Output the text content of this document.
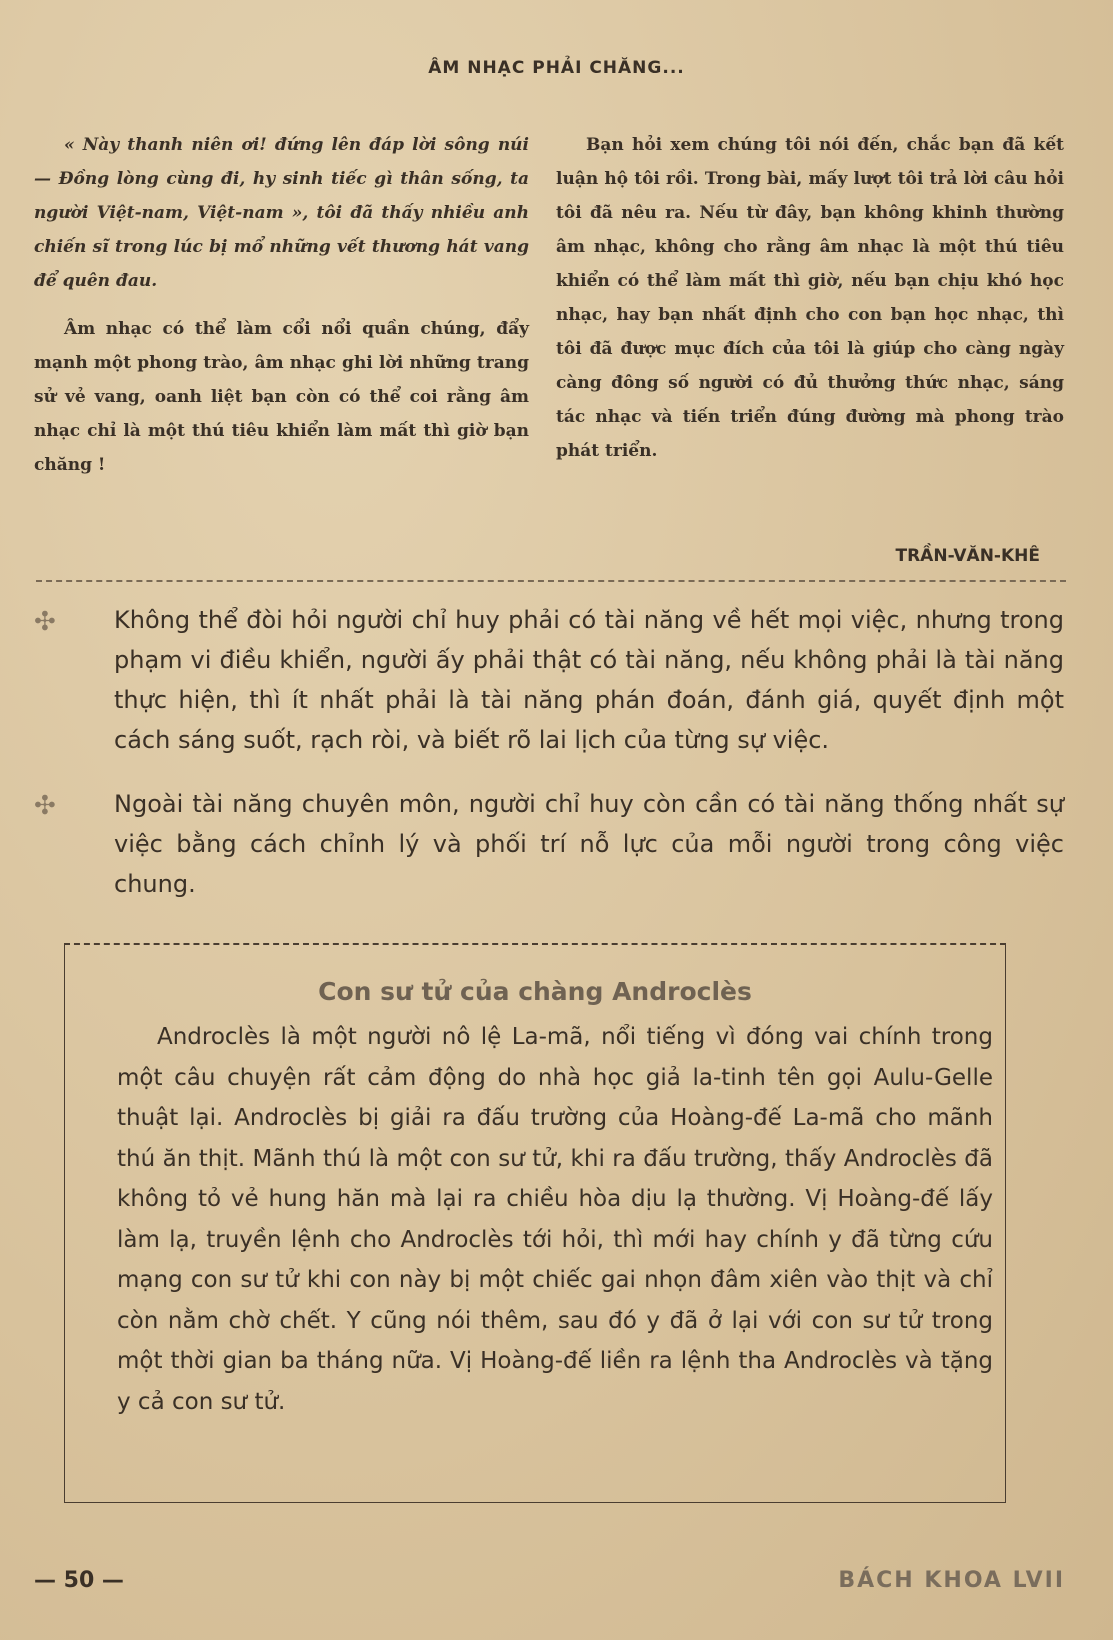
ÂM NHẠC PHẢI CHĂNG...

« Này thanh niên ơi! đứng lên đáp lời sông núi — Đồng lòng cùng đi, hy sinh tiếc gì thân sống, ta người Việt-nam, Việt-nam », tôi đã thấy nhiều anh chiến sĩ trong lúc bị mổ những vết thương hát vang để quên đau.

Âm nhạc có thể làm cổi nổi quần chúng, đẩy mạnh một phong trào, âm nhạc ghi lời những trang sử vẻ vang, oanh liệt bạn còn có thể coi rằng âm nhạc chỉ là một thú tiêu khiển làm mất thì giờ bạn chăng !

Bạn hỏi xem chúng tôi nói đến, chắc bạn đã kết luận hộ tôi rồi. Trong bài, mấy lượt tôi trả lời câu hỏi tôi đã nêu ra. Nếu từ đây, bạn không khinh thường âm nhạc, không cho rằng âm nhạc là một thú tiêu khiển có thể làm mất thì giờ, nếu bạn chịu khó học nhạc, hay bạn nhất định cho con bạn học nhạc, thì tôi đã được mục đích của tôi là giúp cho càng ngày càng đông số người có đủ thưởng thức nhạc, sáng tác nhạc và tiến triển đúng đường mà phong trào phát triển.

TRẦN-VĂN-KHÊ
✣ Không thể đòi hỏi người chỉ huy phải có tài năng về hết mọi việc, nhưng trong phạm vi điều khiển, người ấy phải thật có tài năng, nếu không phải là tài năng thực hiện, thì ít nhất phải là tài năng phán đoán, đánh giá, quyết định một cách sáng suốt, rạch ròi, và biết rõ lai lịch của từng sự việc.
✣ Ngoài tài năng chuyên môn, người chỉ huy còn cần có tài năng thống nhất sự việc bằng cách chỉnh lý và phối trí nỗ lực của mỗi người trong công việc chung.
Con sư tử của chàng Androclès
Androclès là một người nô lệ La-mã, nổi tiếng vì đóng vai chính trong một câu chuyện rất cảm động do nhà học giả la-tinh tên gọi Aulu-Gelle thuật lại. Androclès bị giải ra đấu trường của Hoàng-đế La-mã cho mãnh thú ăn thịt. Mãnh thú là một con sư tử, khi ra đấu trường, thấy Androclès đã không tỏ vẻ hung hăn mà lại ra chiều hòa dịu lạ thường. Vị Hoàng-đế lấy làm lạ, truyền lệnh cho Androclès tới hỏi, thì mới hay chính y đã từng cứu mạng con sư tử khi con này bị một chiếc gai nhọn đâm xiên vào thịt và chỉ còn nằm chờ chết. Y cũng nói thêm, sau đó y đã ở lại với con sư tử trong một thời gian ba tháng nữa. Vị Hoàng-đế liền ra lệnh tha Androclès và tặng y cả con sư tử.
— 50 —	BÁCH KHOA LVII
